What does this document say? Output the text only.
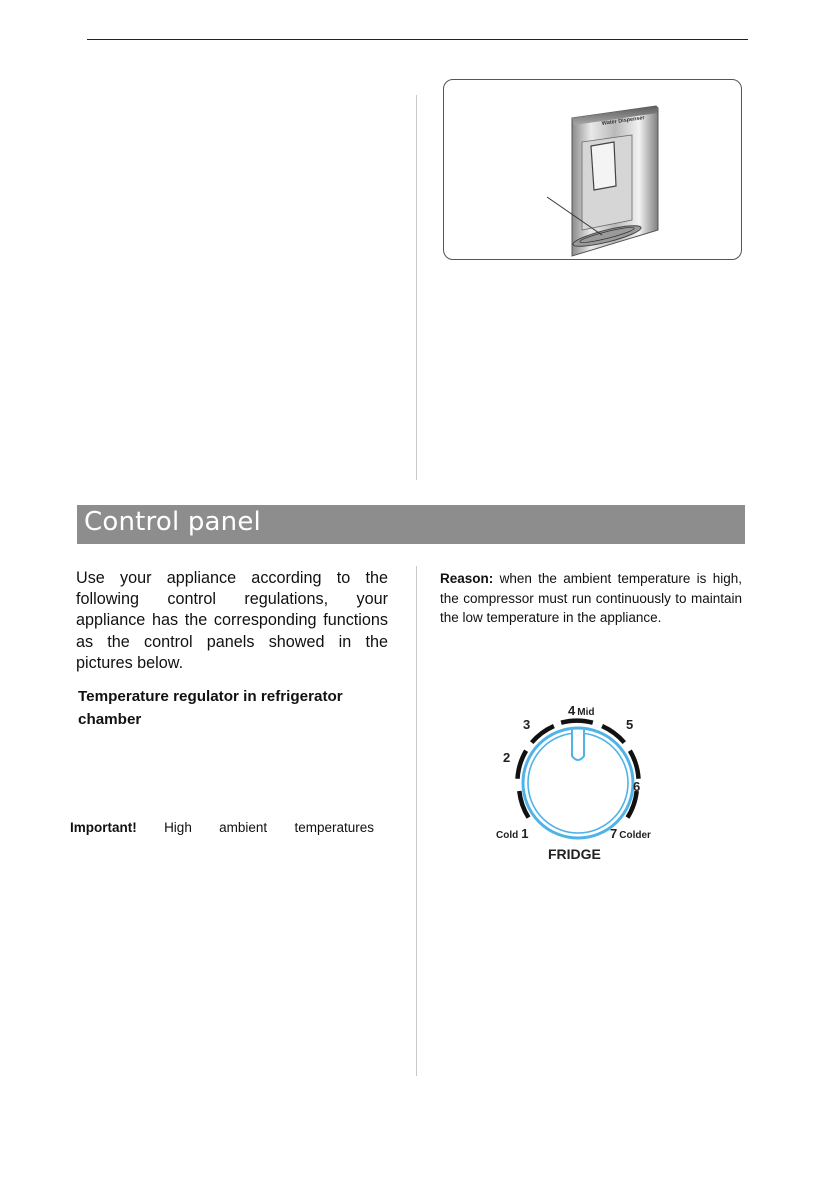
Water Dispenser
Control panel
Use your appliance according to the following control regulations, your appliance has the corresponding functions as the control panels showed in the pictures below.
Temperature regulator in refrigerator chamber
Important! High ambient temperatures
Reason: when the ambient temperature is high, the compressor must run continuously to maintain the low temperature in the appliance.
4 Mid
3	5
2
6
Cold 1	7 Colder
FRIDGE
